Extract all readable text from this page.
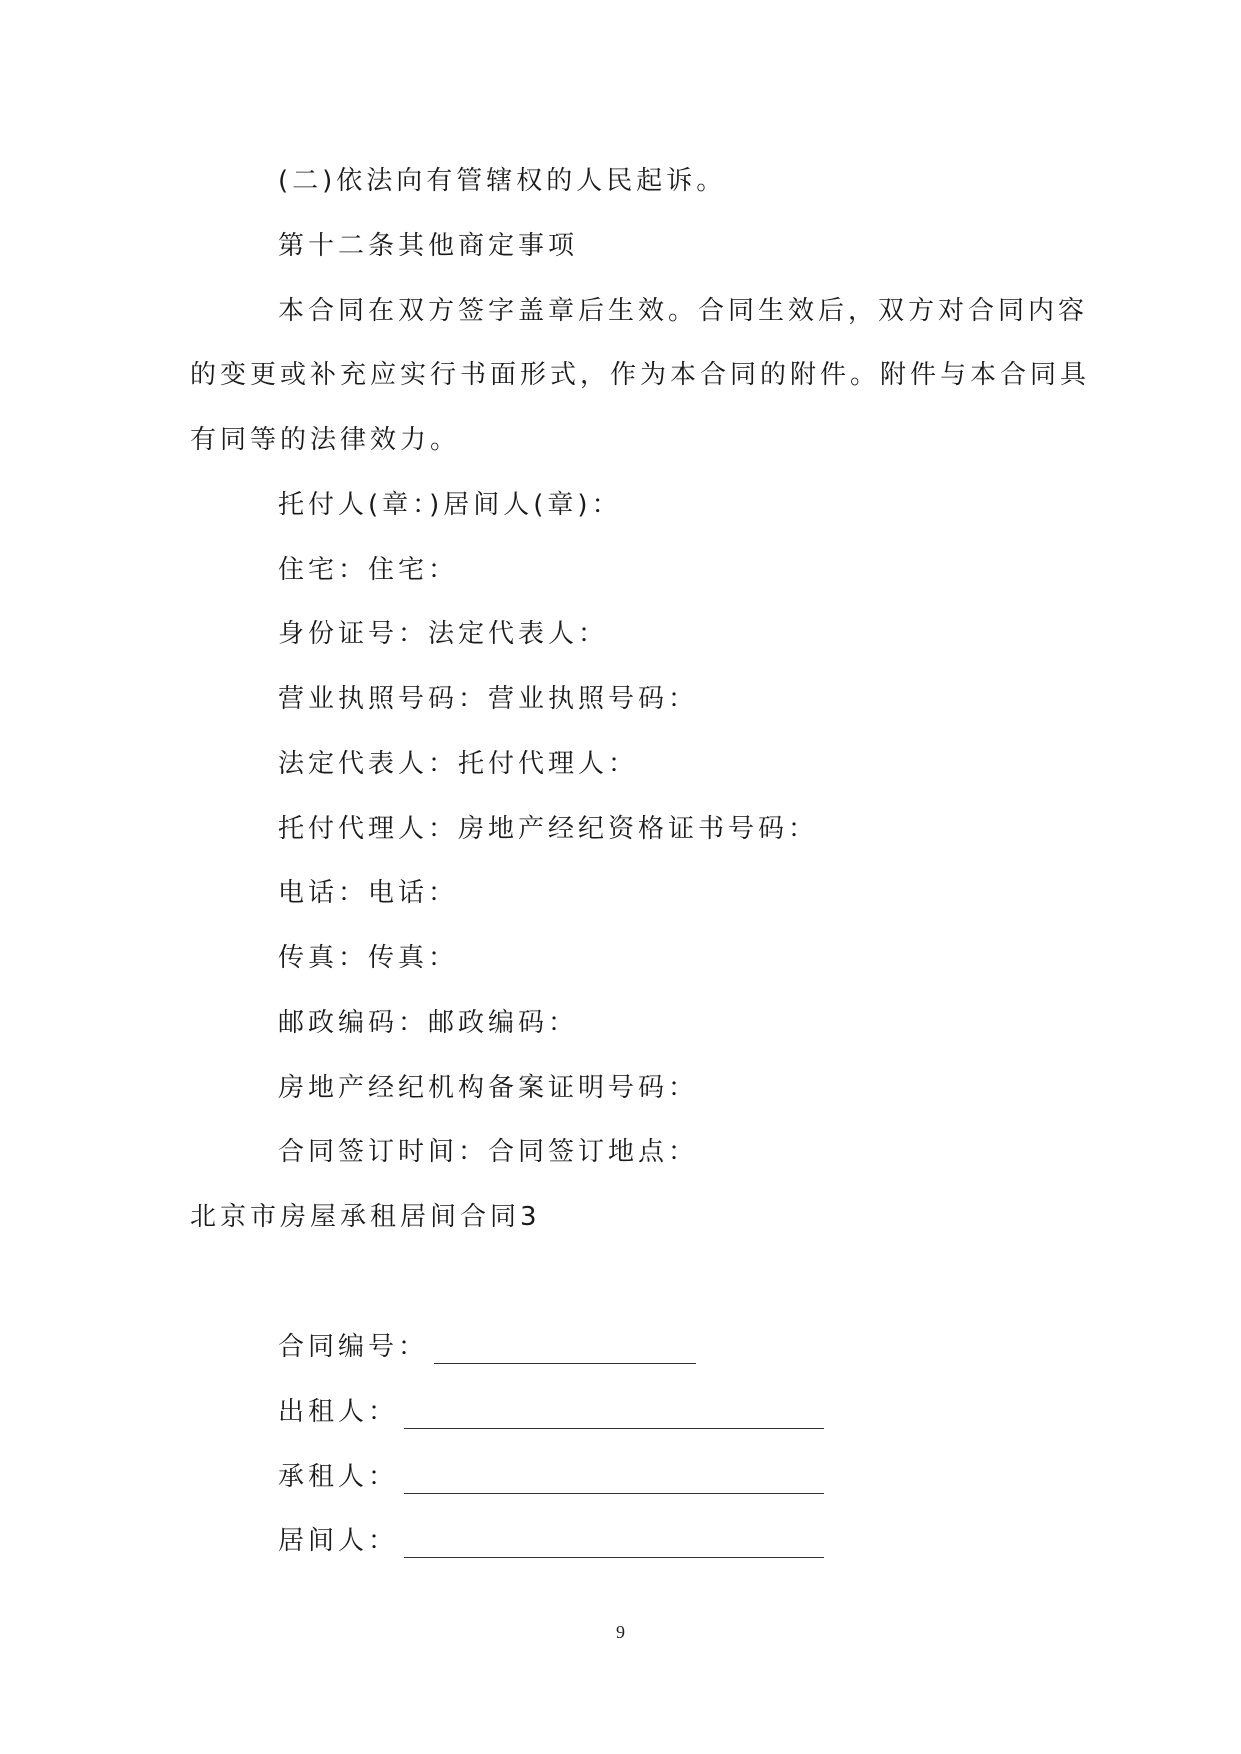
(二)依法向有管辖权的人民起诉。
第十二条其他商定事项
本合同在双方签字盖章后生效。合同生效后，双方对合同内容
的变更或补充应实行书面形式，作为本合同的附件。附件与本合同具
有同等的法律效力。
托付人(章：)居间人(章)：
住宅：住宅：
身份证号：法定代表人：
营业执照号码：营业执照号码：
法定代表人：托付代理人：
托付代理人：房地产经纪资格证书号码：
电话：电话：
传真：传真：
邮政编码：邮政编码：
房地产经纪机构备案证明号码：
合同签订时间：合同签订地点：
北京市房屋承租居间合同3
合同编号：
出租人：
承租人：
居间人：
9
